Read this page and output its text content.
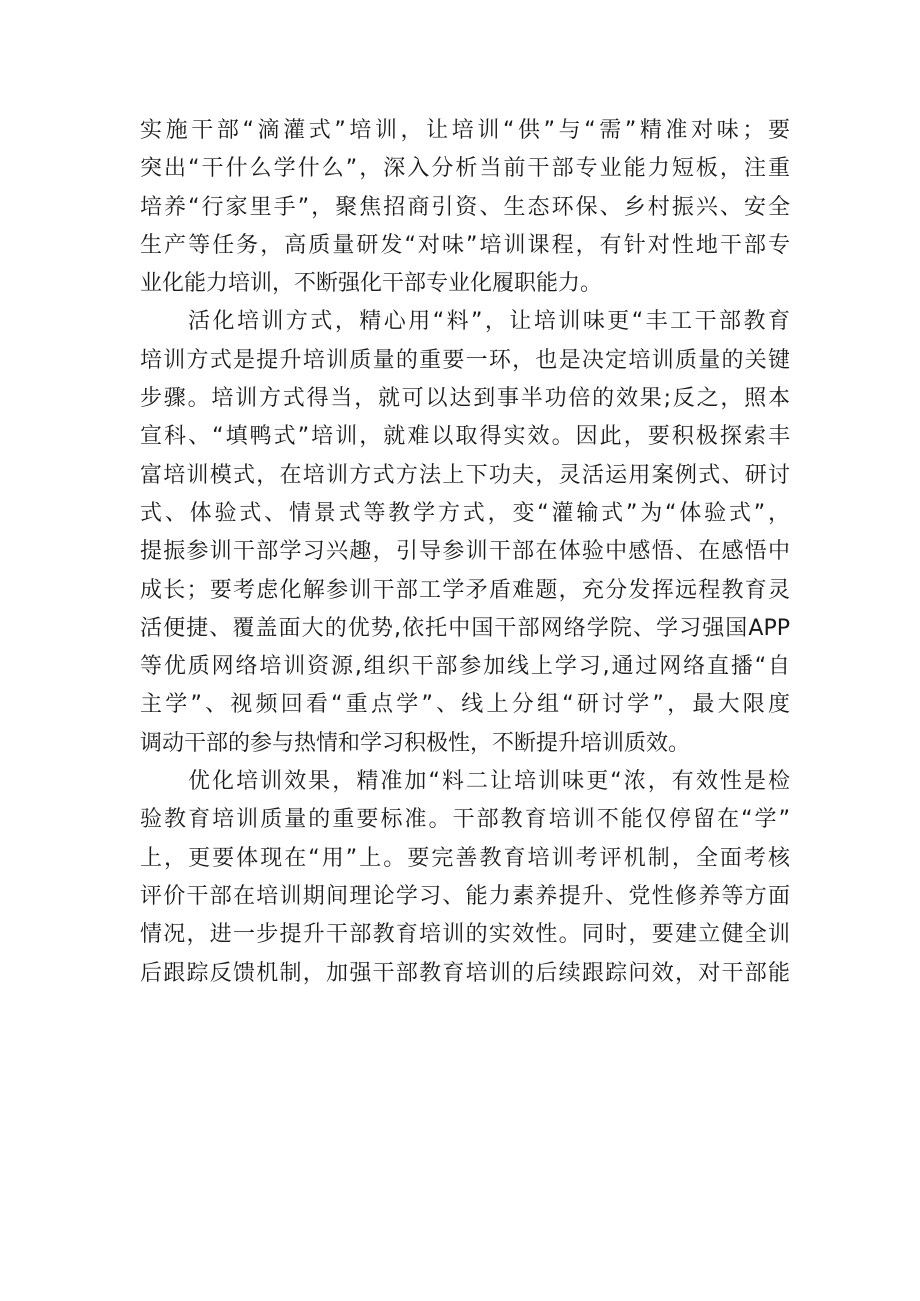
实施干部“滴灌式”培训，让培训“供”与“需”精准对味；要
突出“干什么学什么”，深入分析当前干部专业能力短板，注重
培养“行家里手”，聚焦招商引资、生态环保、乡村振兴、安全
生产等任务，高质量研发“对味”培训课程，有针对性地干部专
业化能力培训，不断强化干部专业化履职能力。
活化培训方式，精心用“料”，让培训味更“丰工干部教育
培训方式是提升培训质量的重要一环，也是决定培训质量的关键
步骤。培训方式得当，就可以达到事半功倍的效果;反之，照本
宣科、“填鸭式”培训，就难以取得实效。因此，要积极探索丰
富培训模式，在培训方式方法上下功夫，灵活运用案例式、研讨
式、体验式、情景式等教学方式，变“灌输式”为“体验式”，
提振参训干部学习兴趣，引导参训干部在体验中感悟、在感悟中
成长；要考虑化解参训干部工学矛盾难题，充分发挥远程教育灵
活便捷、覆盖面大的优势,依托中国干部网络学院、学习强国APP
等优质网络培训资源,组织干部参加线上学习,通过网络直播“自
主学”、视频回看“重点学”、线上分组“研讨学”，最大限度
调动干部的参与热情和学习积极性，不断提升培训质效。
优化培训效果，精准加“料二让培训味更“浓，有效性是检
验教育培训质量的重要标准。干部教育培训不能仅停留在“学”
上，更要体现在“用”上。要完善教育培训考评机制，全面考核
评价干部在培训期间理论学习、能力素养提升、党性修养等方面
情况，进一步提升干部教育培训的实效性。同时，要建立健全训
后跟踪反馈机制，加强干部教育培训的后续跟踪问效，对干部能
